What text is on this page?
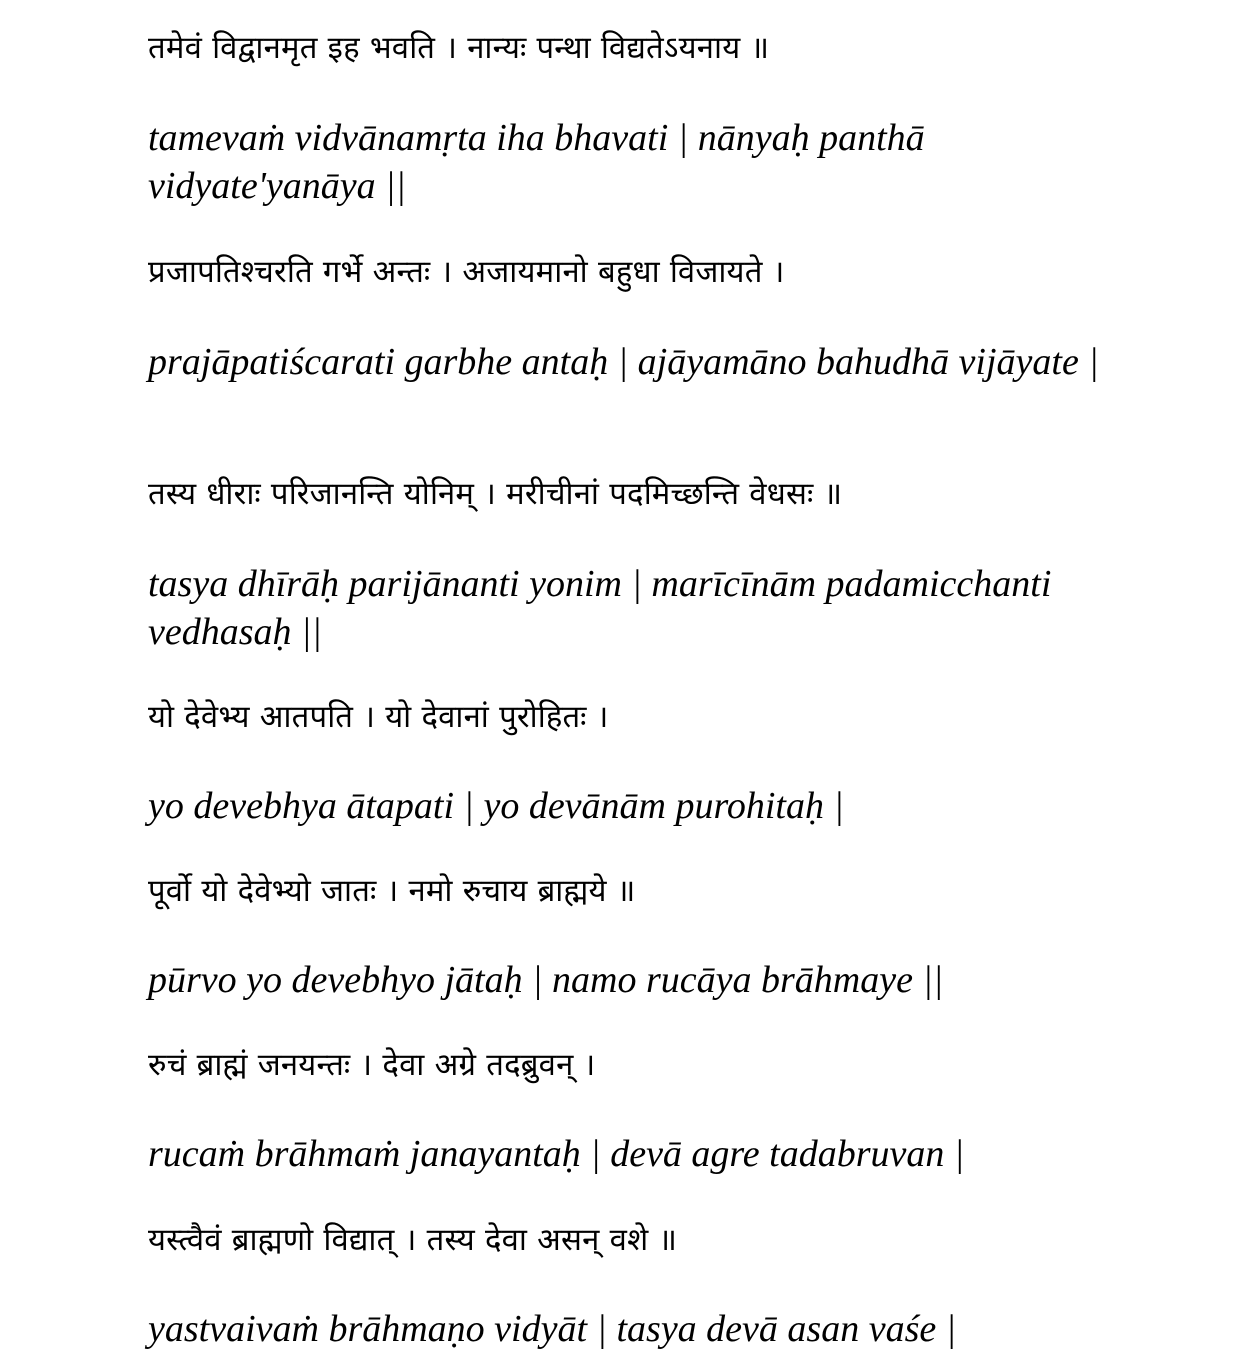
तमेवं विद्वानमृत इह भवति । नान्यः पन्था विद्यतेऽयनाय ॥

tamevaṁ vidvānamṛta iha bhavati | nānyaḥ panthā vidyate'yanāya ||

प्रजापतिश्चरति गर्भे अन्तः । अजायमानो बहुधा विजायते ।

prajāpatiścarati garbhe antaḥ | ajāyamāno bahudhā vijāyate |

तस्य धीराः परिजानन्ति योनिम् । मरीचीनां पदमिच्छन्ति वेधसः ॥

tasya dhīrāḥ parijānanti yonim | marīcīnām padamicchanti vedhasaḥ ||

यो देवेभ्य आतपति । यो देवानां पुरोहितः ।

yo devebhya ātapati | yo devānām purohitaḥ |

पूर्वो यो देवेभ्यो जातः । नमो रुचाय ब्राह्मये ॥

pūrvo yo devebhyo jātaḥ | namo rucāya brāhmaye ||

रुचं ब्राह्मं जनयन्तः । देवा अग्रे तदब्रुवन् ।

rucaṁ brāhmaṁ janayantaḥ | devā agre tadabruvan |

यस्त्वैवं ब्राह्मणो विद्यात् । तस्य देवा असन् वशे ॥

yastvaivaṁ brāhmaṇo vidyāt | tasya devā asan vaśe |
